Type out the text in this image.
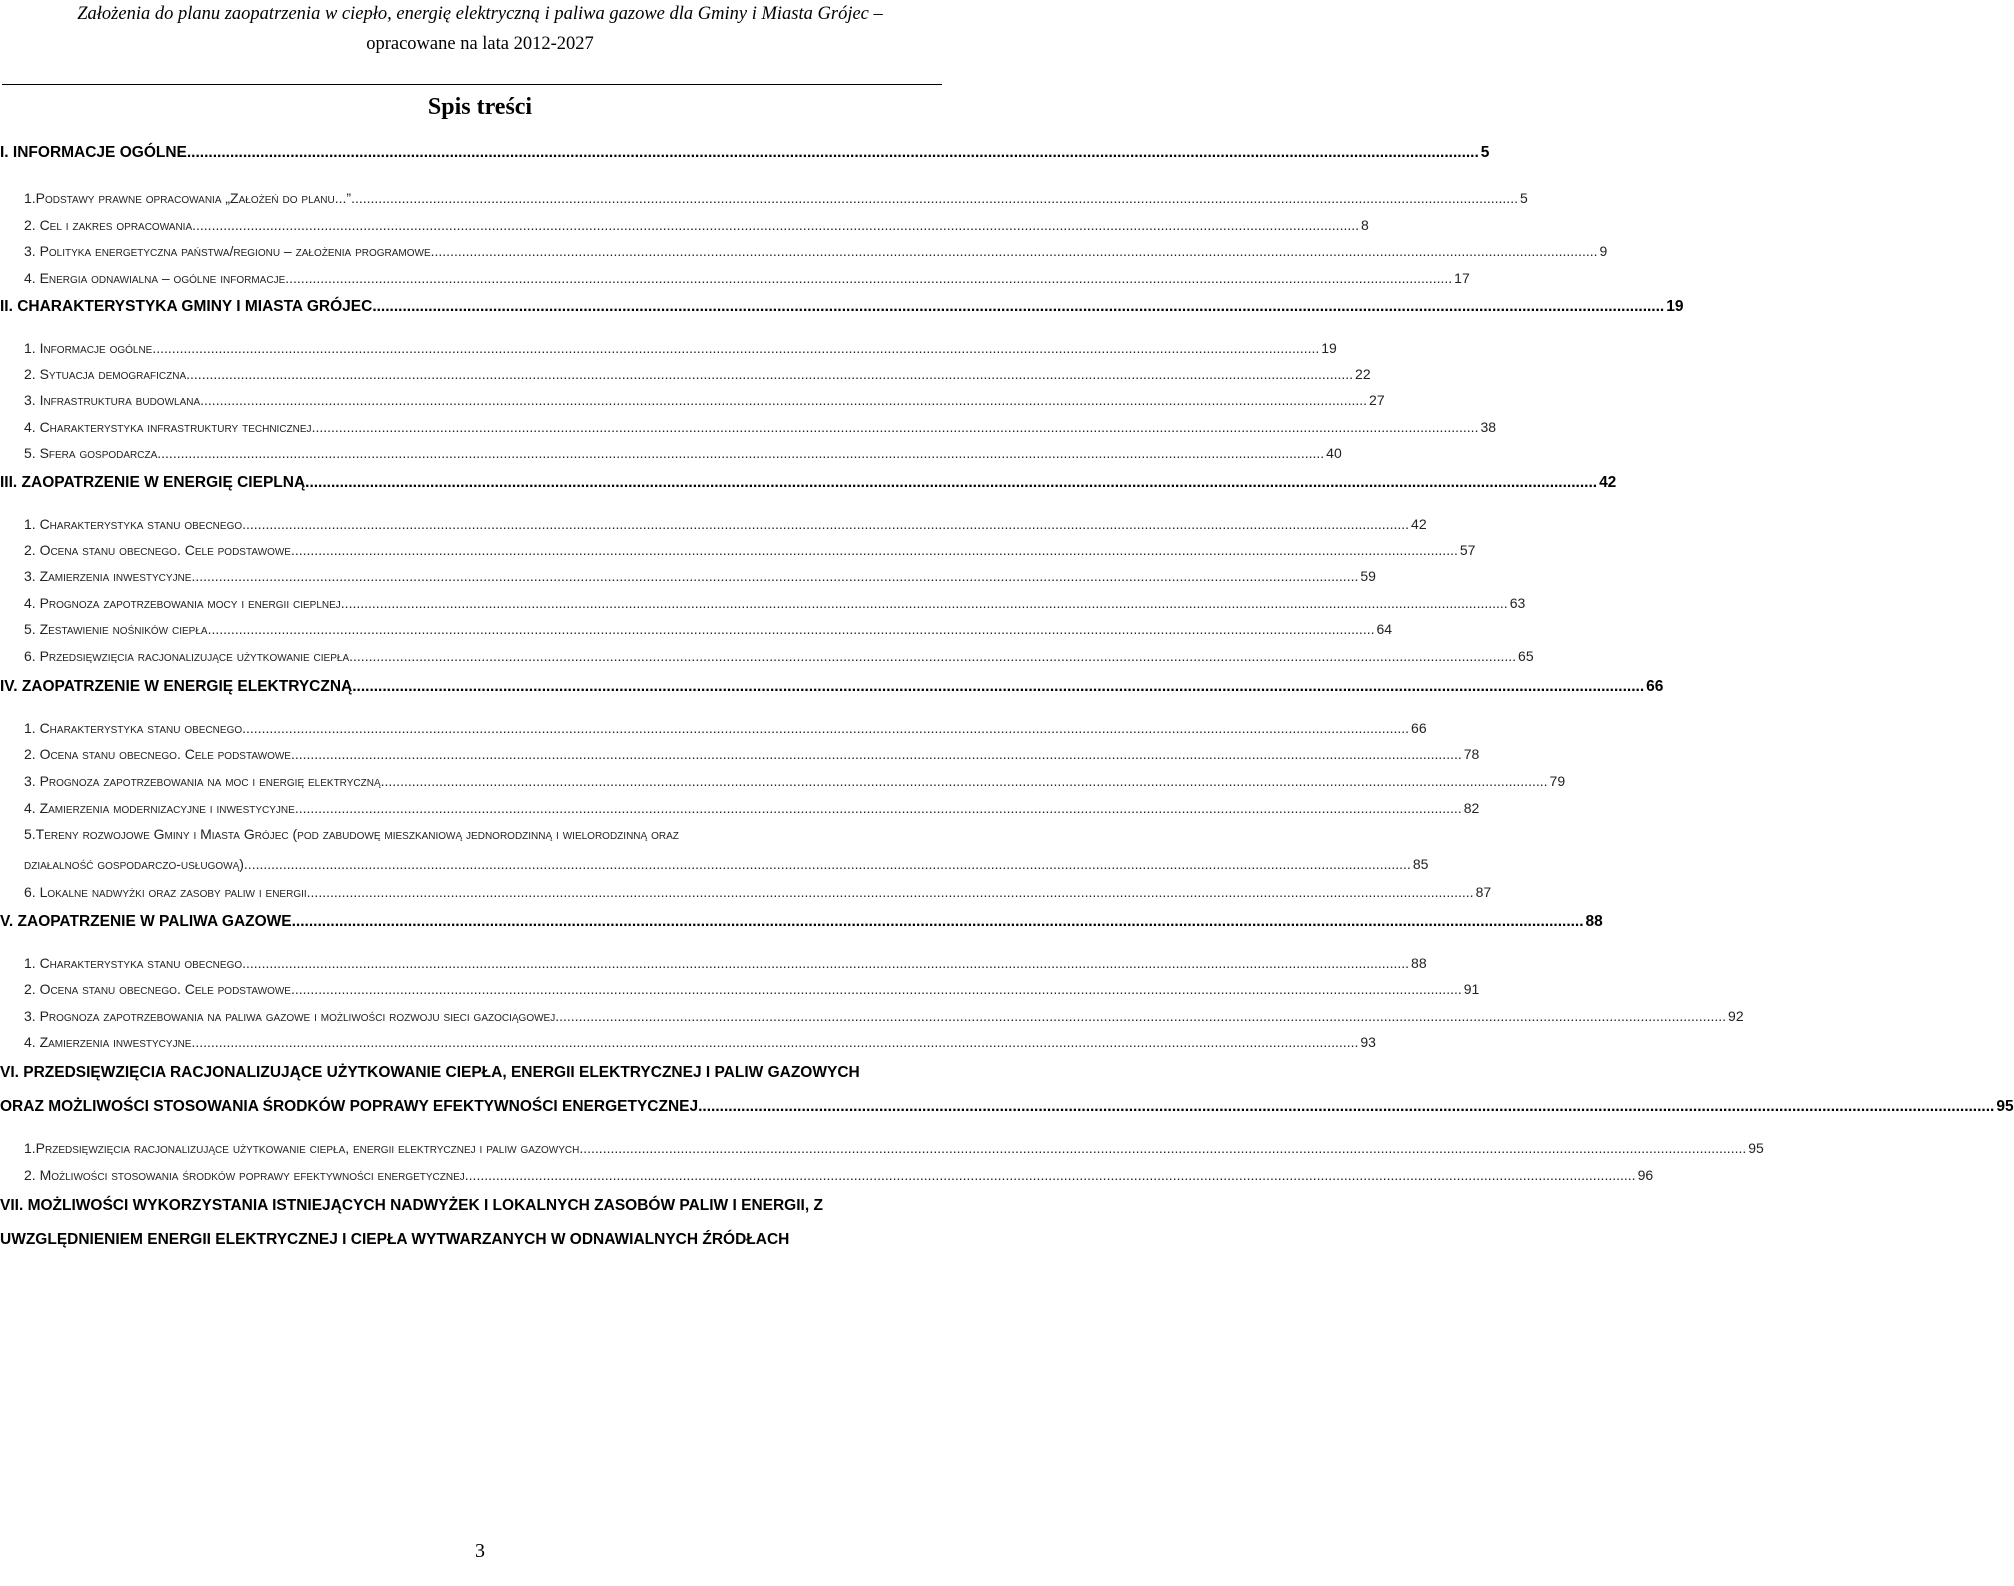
Założenia do planu zaopatrzenia w ciepło, energię elektryczną i paliwa gazowe dla Gminy i Miasta Grójec –
opracowane na lata 2012-2027
Spis treści
I. INFORMACJE OGÓLNE ............................................................................................................................................................................................................................................................................................................ 5
1.Podstawy prawne opracowania „Założeń do planu...” ............................................................................................................................................................................................................................................................................................................ 5
2. Cel i zakres opracowania ............................................................................................................................................................................................................................................................................................................ 8
3. Polityka energetyczna państwa/regionu – założenia programowe ............................................................................................................................................................................................................................................................................................................ 9
4. Energia odnawialna – ogólne informacje ............................................................................................................................................................................................................................................................................................................ 17
II. CHARAKTERYSTYKA GMINY I MIASTA GRÓJEC ............................................................................................................................................................................................................................................................................................................ 19
1. Informacje ogólne ............................................................................................................................................................................................................................................................................................................ 19
2. Sytuacja demograficzna ............................................................................................................................................................................................................................................................................................................ 22
3. Infrastruktura budowlana ............................................................................................................................................................................................................................................................................................................ 27
4. Charakterystyka infrastruktury technicznej ............................................................................................................................................................................................................................................................................................................ 38
5. Sfera gospodarcza ............................................................................................................................................................................................................................................................................................................ 40
III. ZAOPATRZENIE W ENERGIĘ CIEPLNĄ ............................................................................................................................................................................................................................................................................................................ 42
1. Charakterystyka stanu obecnego ............................................................................................................................................................................................................................................................................................................ 42
2. Ocena stanu obecnego. Cele podstawowe ............................................................................................................................................................................................................................................................................................................ 57
3. Zamierzenia inwestycyjne ............................................................................................................................................................................................................................................................................................................ 59
4. Prognoza zapotrzebowania mocy i energii cieplnej ............................................................................................................................................................................................................................................................................................................ 63
5. Zestawienie nośników ciepła ............................................................................................................................................................................................................................................................................................................ 64
6. Przedsięwzięcia racjonalizujące użytkowanie ciepła ............................................................................................................................................................................................................................................................................................................ 65
IV. ZAOPATRZENIE W ENERGIĘ ELEKTRYCZNĄ ............................................................................................................................................................................................................................................................................................................ 66
1. Charakterystyka stanu obecnego ............................................................................................................................................................................................................................................................................................................ 66
2. Ocena stanu obecnego. Cele podstawowe. ............................................................................................................................................................................................................................................................................................................ 78
3. Prognoza zapotrzebowania na moc i energię elektryczną ............................................................................................................................................................................................................................................................................................................ 79
4. Zamierzenia modernizacyjne i inwestycyjne ............................................................................................................................................................................................................................................................................................................ 82
5.Tereny rozwojowe Gminy i Miasta Grójec (pod zabudowę mieszkaniową jednorodzinną i wielorodzinną oraz
działalność gospodarczo-usługową) ............................................................................................................................................................................................................................................................................................................ 85
6. Lokalne nadwyżki oraz zasoby paliw i energii ............................................................................................................................................................................................................................................................................................................ 87
V. ZAOPATRZENIE W PALIWA GAZOWE ............................................................................................................................................................................................................................................................................................................ 88
1. Charakterystyka stanu obecnego ............................................................................................................................................................................................................................................................................................................ 88
2. Ocena stanu obecnego. Cele podstawowe. ............................................................................................................................................................................................................................................................................................................ 91
3. Prognoza zapotrzebowania na paliwa gazowe i możliwości rozwoju sieci gazociągowej. ............................................................................................................................................................................................................................................................................................................ 92
4. Zamierzenia inwestycyjne ............................................................................................................................................................................................................................................................................................................ 93
VI. PRZEDSIĘWZIĘCIA RACJONALIZUJĄCE UŻYTKOWANIE CIEPŁA, ENERGII ELEKTRYCZNEJ I PALIW GAZOWYCH
ORAZ MOŻLIWOŚCI STOSOWANIA ŚRODKÓW POPRAWY EFEKTYWNOŚCI ENERGETYCZNEJ. ............................................................................................................................................................................................................................................................................................................ 95
1.Przedsięwzięcia racjonalizujące użytkowanie ciepła, energii elektrycznej i paliw gazowych ............................................................................................................................................................................................................................................................................................................ 95
2. Możliwości stosowania środków poprawy efektywności energetycznej. ............................................................................................................................................................................................................................................................................................................ 96
VII. MOŻLIWOŚCI WYKORZYSTANIA ISTNIEJĄCYCH NADWYŻEK I LOKALNYCH ZASOBÓW PALIW I ENERGII, Z
UWZGLĘDNIENIEM ENERGII ELEKTRYCZNEJ I CIEPŁA WYTWARZANYCH W ODNAWIALNYCH ŹRÓDŁACH
3
